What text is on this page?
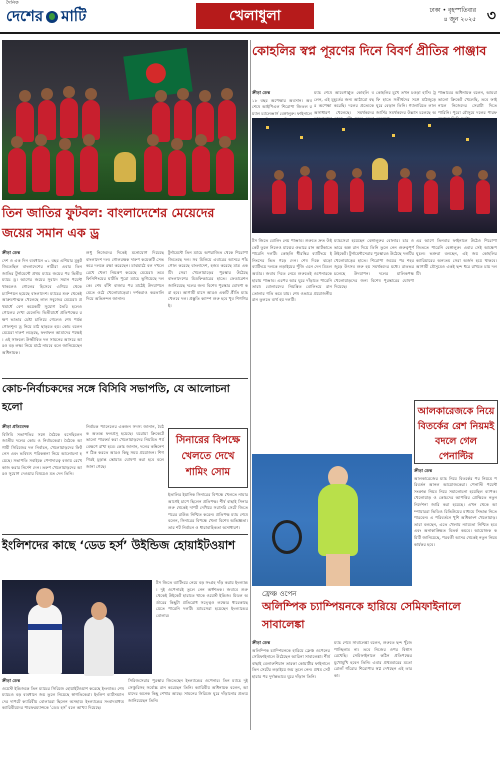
দৈনিক
দেশের মাটি	খেলাধুলা	ঢাকা • বৃহস্পতিবার
৪ জুন ২০২৫ ৩
তিন জাতির ফুটবল: বাংলাদেশের মেয়েদের জয়ের সমান এক ড্র
ক্রীড়া ডেস্ক
দেশ ও এক দিন ব্যবধানে ৩১ বছর এশিয়ার মুকুট জিতেছিল বাংলাদেশের নারীরা এবার তিন জাতির টুর্নামেন্টে প্রথম ম্যাচে জয়ের পর দ্বিতীয় ম্যাচে ড্র। আগের জয়ের সুবাদে সমান পয়েন্ট থাকলেও গোলের হিসেবে এগিয়ে থেকে চ্যাম্পিয়ন হয়েছে বাংলাদেশ। ম্যাচের শুরু থেকেই আক্রমণাত্মক খেলেছে লাল সবুজের মেয়েরা। প্রথমার্ধে বেশ কয়েকটি সুযোগ তৈরি হলেও গোলের দেখা মেলেনি। দ্বিতীয়ার্ধে প্রতিপক্ষের রক্ষণ ভাঙার চেষ্টা চালিয়ে গেলেও শেষ পর্যন্ত গোলশূন্য ড্র নিয়ে মাঠ ছাড়তে হয়। কোচ বলেন মেয়েরা দারুণ লড়েছে, ফলাফল আমাদের পক্ষেই। এই সাফল্যে উজ্জীবিত দল সামনের আসরে আরও বড় লক্ষ্য নিয়ে মাঠে নামবে বলে জানিয়েছেন অধিনায়ক।
শুধু নিজেদের দিকেই মনোযোগ দিয়েছে বাংলাদেশ দল। গোলরক্ষক দারুণ কয়েকটি সেভ করে দলকে রক্ষা করেছেন। মাঝমাঠে বল দখলে রেখে খেলা নিয়ন্ত্রণ করেছে মেয়েরা। তবে ফিনিশিংয়ের ঘাটতি পুরো ম্যাচে ভুগিয়েছে দলকে। শেষ বাঁশি বাজার পর মাঠেই উদযাপনে মেতে ওঠে খেলোয়াড়েরা। দর্শকরাও করতালি দিয়ে অভিনন্দন জানান।
টুর্নামেন্টে তিন ম্যাচে অপরাজিত থেকে শিরোপা জিতেছে দল। সব মিলিয়ে এবারের আসরে পাঁচ গোল করেছে বাংলাদেশ, হজম করেছে মাত্র একটি। সেরা খেলোয়াড়ের পুরস্কার উঠেছে বাংলাদেশের মিডফিল্ডারের হাতে। ফেডারেশন জানিয়েছে দলের জন্য বিশেষ পুরস্কার ঘোষণা করা হবে। আগামী মাসে আরও একটি প্রীতি ম্যাচ খেলবে দল। প্রস্তুতি ক্যাম্প শুরু হবে খুব শিগগিরই।
কোহলির স্বপ্ন পূরণের দিনে বিবর্ণ প্রীতির পাঞ্জাব
ক্রীড়া ডেস্ক
১৮ বছর অপেক্ষার অবসান। অবশেষে আইপিএল শিরোপা জিতল রয়্যাল চ্যালেঞ্জার্স বেঙ্গালুরু। ফাইনালে
ম্যাচ শেষে আবেগাপ্লুত কোহলি বলেন, এই মুহূর্তের জন্য আঠারো বছর অপেক্ষা করেছি। দলের প্রত্যেকে অসাধারণ খেলেছে। সমর্থকদের
কোহলির মুখে তখন চওড়া হাসি। ট্রফি হাতে সতীর্থদের সঙ্গে মাঠজুড়ে ঘুরে বেড়ান তিনি। গ্যালারিতে লাল জার্সির সমর্থকদের উল্লাস চলেছে অ
পাঞ্জাবের অধিনায়ক বলেন, আমরা ভালো ক্রিকেট খেলেছি, তবে ফাইনালে নিজেদের সেরাটা দিতে পারিনি। পুরো মৌসুমে দলের পারফ
টস জিতে বোলিং নেয় পাঞ্জাব। শুরুতে দ্রুত উইকেট তুলে নিলেও মাঝের ওভারে রান আটকাতে পারেনি দলটি। কোহলি ধীরস্থির ব্যাটিংয়ে ইনিংসের ভিত গড়ে দেন। শেষ দিকে ঝড়ো ব্যাটিংয়ে দলকে লড়াইয়ের পুঁজি এনে দেন মিডল অর্ডার। জবাব দিতে নেমে শুরুতেই ওপেনারকে হারায় পাঞ্জাব। এরপর আর ঘুরে দাঁড়াতে পারেনি তারা। বোলারদের নিয়ন্ত্রিত বোলিংয়ে রান তোলার গতি কমে যায়। শেষ ওভারে প্রয়োজনীয় রান তুলতে ব্যর্থ হয় দলটি।
ম্যাচসেরা হয়েছেন বেঙ্গালুরুর বোলার। চার ওভারে অল্প রান দিয়ে তিনি তুলে নেন গুরুত্বপূর্ণ উইকেট। টুর্নামেন্টসেরার পুরস্কারও উঠেছে দলটির খেলোয়াড়ের হাতে। শিরোপা জয়ের পর শহরজুড়ে উৎসব শুরু হয় সমর্থকদের মধ্যে। রাতভর চলেছে উদযাপন। দলের মালিকপক্ষ খেলোয়াড়দের জন্য বিশেষ পুরস্কারের ঘোষণা দিয়েছে।
এর আগে তিনবার ফাইনালে উঠেও শিরোপা জিততে পারেনি বেঙ্গালুরু। এবার সেই আক্ষেপ ঘুচল। ভক্তরা বলছেন, এই জয় কোহলির ক্যারিয়ারের অন্যতম সেরা অর্জন হয়ে থাকবে। আগামী মৌসুমেও একই ছন্দ ধরে রাখতে চায় দলটি।
কোচ-নির্বাচকদের সঙ্গে বিসিবি সভাপতি, যে আলোচনা হলো
ক্রীড়া প্রতিবেদক
বিসিবি সভাপতির সঙ্গে বৈঠকে বসেছিলেন জাতীয় দলের কোচ ও নির্বাচকেরা। বৈঠকে আগামী সিরিজের দল নির্বাচন, খেলোয়াড়দের ফিটনেস এবং ভবিষ্যৎ পরিকল্পনা নিয়ে আলোচনা হয়েছে। সভাপতি সবাইকে পেশাদারত্ব বজায় রেখে কাজ করার নির্দেশ দেন। তরুণ খেলোয়াড়দের আরও সুযোগ দেওয়ার বিষয়েও মত দেন তিনি।
নির্বাচক প্যানেলের একজন সদস্য জানান, বৈঠক অত্যন্ত ফলপ্রসূ হয়েছে। ঘরোয়া ক্রিকেটে ভালো পারফর্ম করা খেলোয়াড়দের নিয়মিত পর্যবেক্ষণে রাখা হবে। কোচ জানান, দলের কম্বিনেশন ঠিক করতে আরও কিছু সময় প্রয়োজন। শিগগিরই চূড়ান্ত স্কোয়াড ঘোষণা করা হবে বলে জানা গেছে।
সিনারের বিপক্ষে খেলতে দেখে শামিং সোম
ইতালির ইয়ানিক সিনারের বিপক্ষে খেলতে নামার আগেই চাপে ছিলেন প্রতিপক্ষ। শীর্ষ বাছাই সিনার শুরু থেকেই দাপট দেখিয়ে সরাসরি সেটে জিতে পরের রাউন্ড নিশ্চিত করেন। প্রতিপক্ষ ম্যাচ শেষে বলেন, সিনারের বিপক্ষে খেলা বিশেষ অভিজ্ঞতা। তার শট নির্বাচন ও ধারাবাহিকতা অসাধারণ।
ইংলিশদের কাছে ‘ডেড হর্স’ উইন্ডিজ হোয়াইটওয়াশ
টস জিতে ব্যাটিংয়ে নেমে বড় সংগ্রহ দাঁড় করায় ইংল্যান্ড। দুই ওপেনারই তুলে নেন অর্ধশতক। জবাবে শুরু থেকেই উইকেট হারাতে থাকে ওয়েস্ট ইন্ডিজ। মিডল অর্ডারের কিছুটা প্রতিরোধ সত্ত্বেও লক্ষ্যের ধারেকাছে যেতে পারেনি দলটি। ম্যাচসেরা হয়েছেন ইংল্যান্ডের বোলার।
ক্রীড়া ডেস্ক
ওয়েস্ট ইন্ডিজকে তিন ম্যাচের সিরিজে হোয়াইটওয়াশ করেছে ইংল্যান্ড। শেষ ম্যাচেও বড় ব্যবধানে জয় তুলে নিয়েছে স্বাগতিকেরা। ইংলিশ ব্যাটসম্যানদের দাপটে ক্যারিবীয় বোলাররা ছিলেন অসহায়। ইংল্যান্ডের সংবাদমাধ্যম ক্যারিবীয়দের পারফরম্যান্সকে ‘ডেড হর্স’ বলে আখ্যা দিয়েছে।
সিরিজসেরার পুরস্কার জিতেছেন ইংল্যান্ডের ওপেনার। তিন ম্যাচে দুই সেঞ্চুরিসহ সর্বোচ্চ রান করেছেন তিনি। ক্যারিবীয় অধিনায়ক বলেন, আমাদের অনেক কিছু শেখার আছে। সামনের সিরিজে ঘুরে দাঁড়ানোর প্রত্যয় জানিয়েছেন তিনি।
আলকারেজকে নিয়ে বিতর্কের রেশ নিয়মই বদলে গেল পেনাল্টির
ক্রীড়া ডেস্ক
আলকারেজের ম্যাচ নিয়ে বিতর্কের পর নিয়মে পরিবর্তন আনল আয়োজকেরা। পেনাল্টি পয়েন্ট সংক্রান্ত নিয়ম নিয়ে সমালোচনা হয়েছিল ব্যাপক। খেলোয়াড় ও কোচদের আপত্তির প্রেক্ষিতে নতুন নির্দেশনা জারি করা হয়েছে। এখন থেকে আম্পায়াররা ভিডিও রিভিউয়ের মাধ্যমে সিদ্ধান্ত নিতে পারবেন। এ পরিবর্তনে খুশি অধিকাংশ খেলোয়াড়। তারা বলছেন, এতে খেলায় ন্যায্যতা নিশ্চিত হবে এবং অনাকাঙ্ক্ষিত বিতর্ক কমবে। আয়োজক কমিটি জানিয়েছে, পরবর্তী আসর থেকেই নতুন নিয়ম কার্যকর হবে।
ফ্রেঞ্চ ওপেন
অলিম্পিক চ্যাম্পিয়নকে হারিয়ে সেমিফাইনালে সাবালেঙ্কা
ক্রীড়া ডেস্ক
অলিম্পিক চ্যাম্পিয়নকে হারিয়ে ফ্রেঞ্চ ওপেনের সেমিফাইনালে উঠেছেন আরিনা সাবালেঙ্কা। শীর্ষ বাছাই বেলারুশিয়ান তারকা কোয়ার্টার ফাইনালে তিন সেটের লড়াইয়ে জয় তুলে নেন। প্রথম সেট হারার পর দুর্দান্তভাবে ঘুরে দাঁড়ান তিনি।
ম্যাচ শেষে সাবালেঙ্কা বলেন, শুরুতে ছন্দ খুঁজে পাচ্ছিলাম না। তবে নিজের ওপর বিশ্বাস রেখেছি। সেমিফাইনালে কঠিন প্রতিপক্ষের মুখোমুখি হবেন তিনি। এবার প্রথমবারের মতো রোলাঁ গাঁরোর শিরোপার স্বপ্ন দেখছেন এই তারকা।
